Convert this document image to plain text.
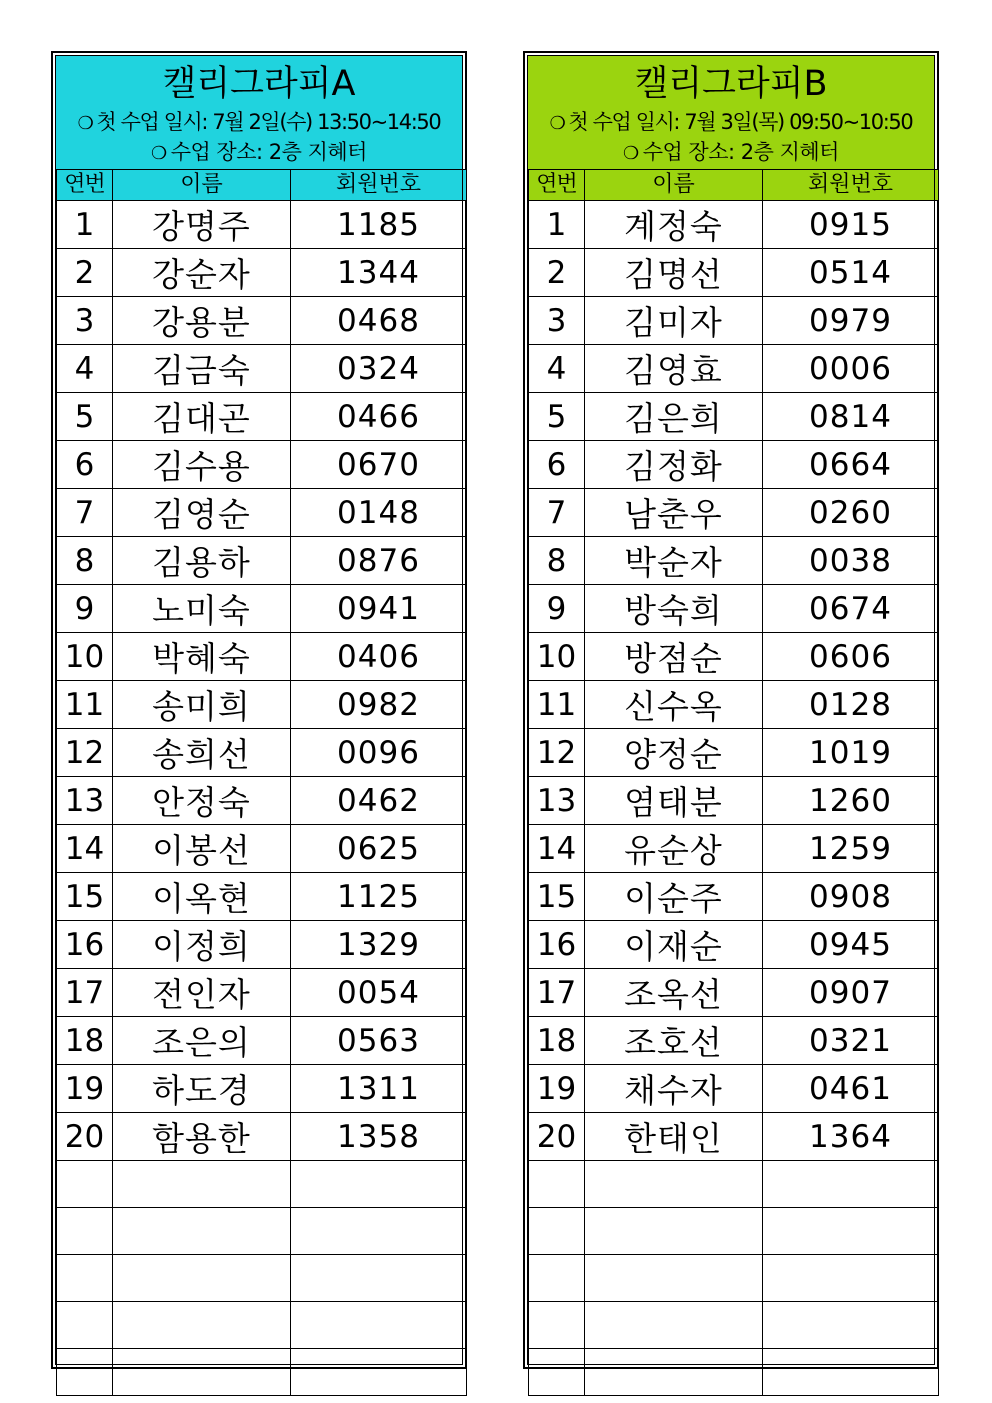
캘리그라피A
❍ 첫 수업 일시: 7월 2일(수) 13:50~14:50
❍ 수업 장소: 2층 지혜터
연번	이름	회원번호
1	강명주	1185
2	강순자	1344
3	강용분	0468
4	김금숙	0324
5	김대곤	0466
6	김수용	0670
7	김영순	0148
8	김용하	0876
9	노미숙	0941
10	박혜숙	0406
11	송미희	0982
12	송희선	0096
13	안정숙	0462
14	이봉선	0625
15	이옥현	1125
16	이정희	1329
17	전인자	0054
18	조은의	0563
19	하도경	1311
20	함용한	1358

캘리그라피B
❍ 첫 수업 일시: 7월 3일(목) 09:50~10:50
❍ 수업 장소: 2층 지혜터
연번	이름	회원번호
1	계정숙	0915
2	김명선	0514
3	김미자	0979
4	김영효	0006
5	김은희	0814
6	김정화	0664
7	남춘우	0260
8	박순자	0038
9	방숙희	0674
10	방점순	0606
11	신수옥	0128
12	양정순	1019
13	염태분	1260
14	유순상	1259
15	이순주	0908
16	이재순	0945
17	조옥선	0907
18	조호선	0321
19	채수자	0461
20	한태인	1364
